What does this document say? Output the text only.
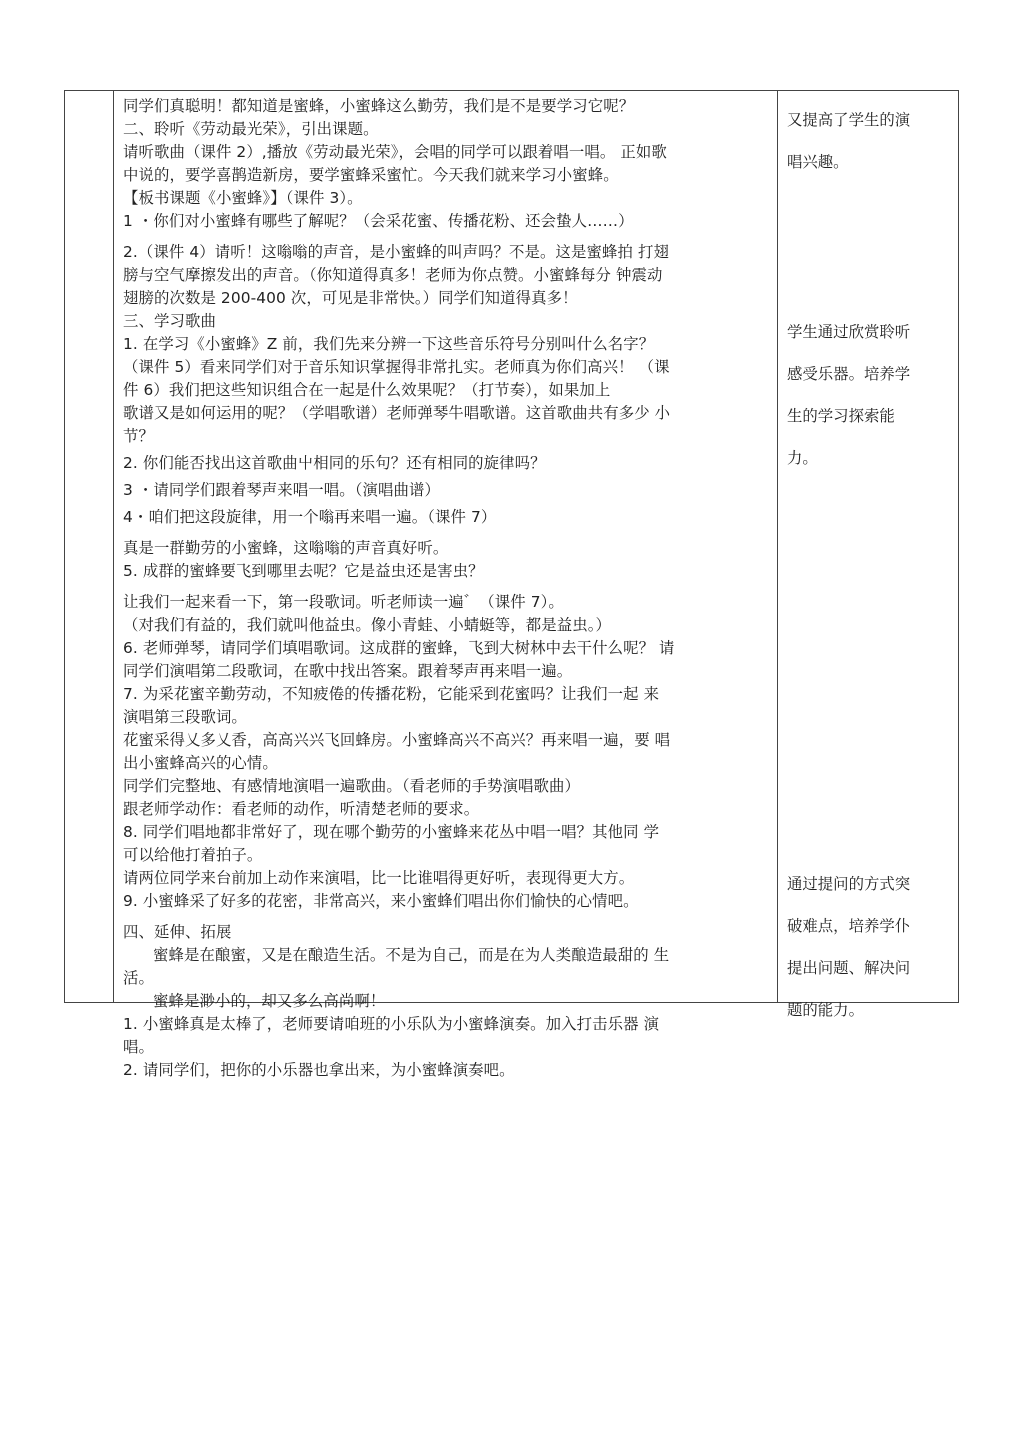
同学们真聪明！都知道是蜜蜂，小蜜蜂这么勤劳，我们是不是要学习它呢？

二、聆听《劳动最光荣》，引出课题。

请听歌曲（课件 2）,播放《劳动最光荣》，会唱的同学可以跟着唱一唱。 正如歌

中说的，要学喜鹊造新房，要学蜜蜂采蜜忙。今天我们就来学习小蜜蜂。

【板书课题《小蜜蜂》】（课件 3）。

1 ・你们对小蜜蜂有哪些了解呢？（会采花蜜、传播花粉、还会蛰人……）

2.（课件 4）请听！这嗡嗡的声音，是小蜜蜂的叫声吗？不是。这是蜜蜂拍 打翅

膀与空气摩擦发出的声音。（你知道得真多！老师为你点赞。小蜜蜂每分 钟震动

翅膀的次数是 200-400 次，可见是非常快。）同学们知道得真多！

三、学习歌曲

1. 在学习《小蜜蜂》Z 前，我们先来分辨一下这些音乐符号分别叫什么名字？

（课件 5）看来同学们对于音乐知识掌握得非常扎实。老师真为你们高兴！ （课

件 6）我们把这些知识组合在一起是什么效果呢？（打节奏），如果加上

歌谱又是如何运用的呢？（学唱歌谱）老师弹琴牛唱歌谱。这首歌曲共有多少 小

节？

2. 你们能否找出这首歌曲屮相同的乐句？还有相同的旋律吗？

3 ・请同学们跟着琴声来唱一唱。（演唱曲谱）

4・咱们把这段旋律，用一个嗡再来唱一遍。（课件 7）

真是一群勤劳的小蜜蜂，这嗡嗡的声音真好听。

5. 成群的蜜蜂要飞到哪里去呢？它是益虫还是害虫？

让我们一起来看一下，第一段歌词。听老师读一遍゛（课件 7）。

（对我们有益的，我们就叫他益虫。像小青蛙、小蜻蜓等，都是益虫。）

6. 老师弹琴，请同学们填唱歌词。这成群的蜜蜂，飞到大树林中去干什么呢？ 请

同学们演唱第二段歌词，在歌中找出答案。跟着琴声再来唱一遍。

7. 为采花蜜辛勤劳动，不知疲倦的传播花粉，它能采到花蜜吗？让我们一起 来

演唱第三段歌词。

花蜜采得乂多乂香，高高兴兴飞回蜂房。小蜜蜂高兴不高兴？再来唱一遍，要 唱

出小蜜蜂高兴的心情。

同学们完整地、有感情地演唱一遍歌曲。（看老师的手势演唱歌曲）

跟老师学动作：看老师的动作，听清楚老师的要求。

8. 同学们唱地都非常好了，现在哪个勤劳的小蜜蜂来花丛中唱一唱？其他同 学

可以给他打着拍子。

请两位同学来台前加上动作来演唱，比一比谁唱得更好听，表现得更大方。

9. 小蜜蜂采了好多的花密，非常高兴，来小蜜蜂们唱出你们愉快的心情吧。

四、延伸、拓展

蜜蜂是在酿蜜，又是在酿造生活。不是为自己，而是在为人类酿造最甜的 生

活。

蜜蜂是渺小的，却又多么高尚啊！

1. 小蜜蜂真是太棒了，老师要请咱班的小乐队为小蜜蜂演奏。加入打击乐器 演

唱。

2. 请同学们，把你的小乐器也拿出来，为小蜜蜂演奏吧。

又提高了学生的演

唱兴趣。

学生通过欣赏聆听

感受乐器。培养学

生的学习探索能

力。

通过提问的方式突

破难点，培养学仆

提出问题、解决问

题的能力。
